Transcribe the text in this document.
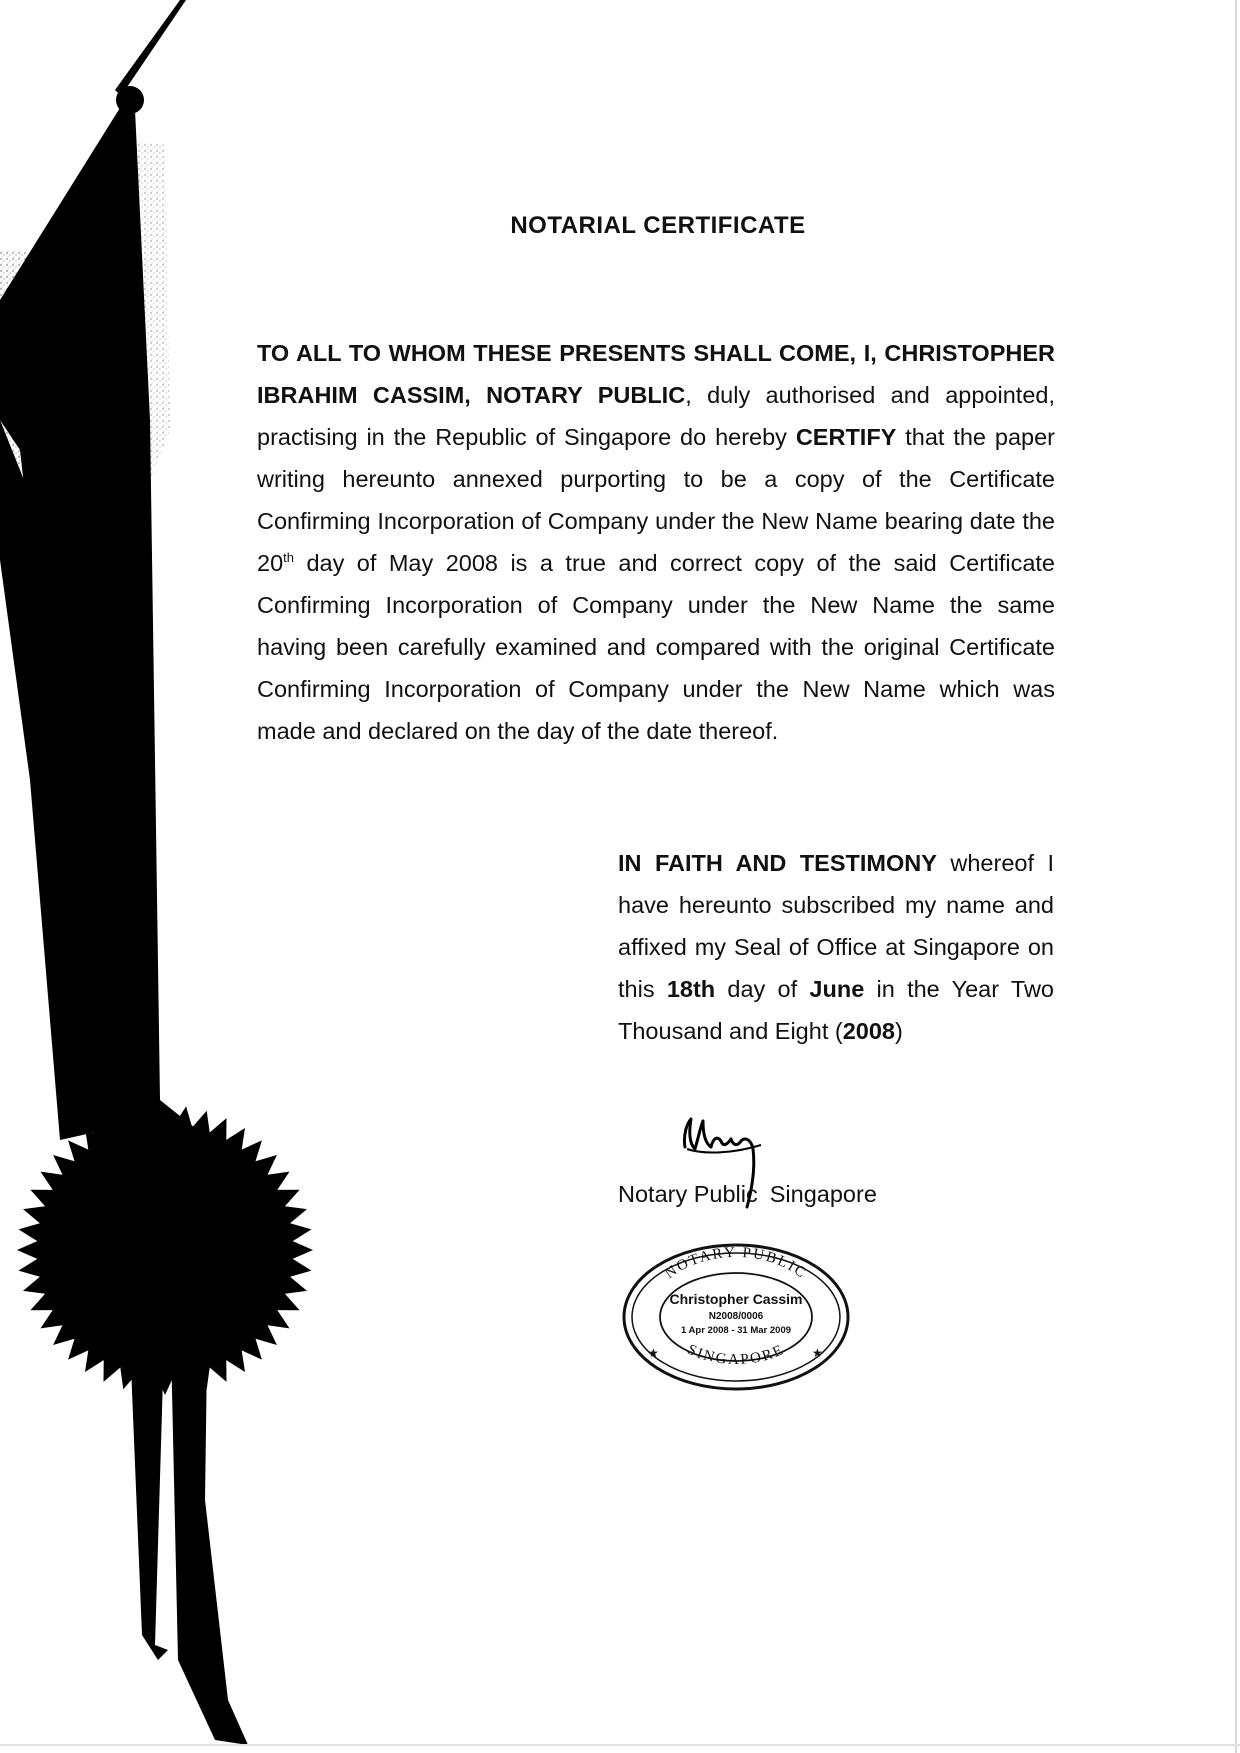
NOTARIAL CERTIFICATE
TO ALL TO WHOM THESE PRESENTS SHALL COME, I, CHRISTOPHER IBRAHIM CASSIM, NOTARY PUBLIC, duly authorised and appointed, practising in the Republic of Singapore do hereby CERTIFY that the paper writing hereunto annexed purporting to be a copy of the Certificate Confirming Incorporation of Company under the New Name bearing date the 20th day of May 2008 is a true and correct copy of the said Certificate Confirming Incorporation of Company under the New Name the same having been carefully examined and compared with the original Certificate Confirming Incorporation of Company under the New Name which was made and declared on the day of the date thereof.
IN FAITH AND TESTIMONY whereof I have hereunto subscribed my name and affixed my Seal of Office at Singapore on this 18th day of June in the Year Two Thousand and Eight (2008)
Notary Public Singapore
NOTARY PUBLIC
SINGAPORE
Christopher Cassim
N2008/0006
1 Apr 2008 - 31 Mar 2009
★	★
